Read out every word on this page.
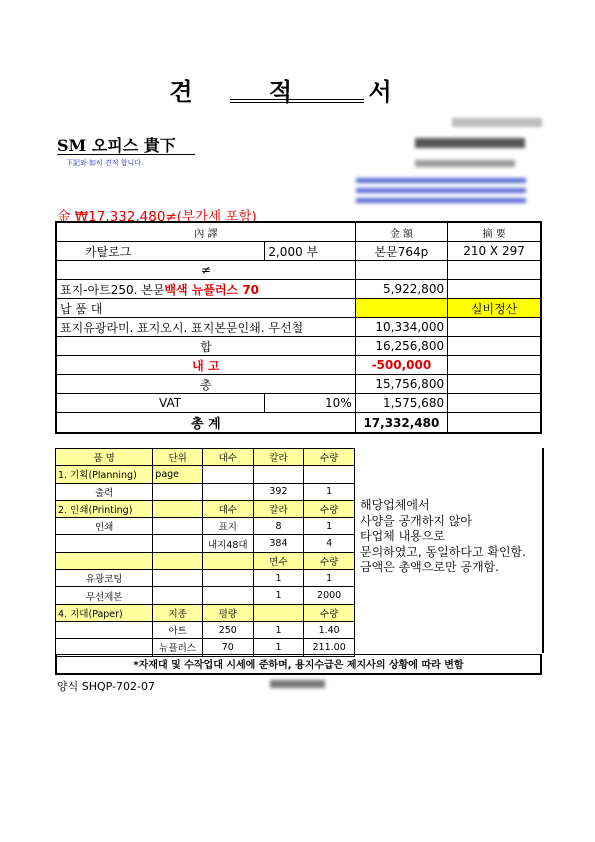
견 적 서
SM 오피스 貴下
下記와 如히 견적 합니다.
金 ₩17,332,480≠(부가세 포함)
內 譯		金 額	摘 要
카탈로그	2,000 부	본문764p	210 X 297
≠			
표지-아트250. 본문백색 뉴플러스 70		5,922,800	
납 품 대			실비정산
표지유광라미. 표지오시. 표지본문인쇄. 무선철		10,334,000	
합		16,256,800	
내 고		-500,000	
총		15,756,800	
VAT	10%	1,575,680	
총 계		17,332,480	
품 명	단위	대수	칼라	수량
1. 기획(Planning)	page			
출력			392	1
2. 인쇄(Printing)		대수	칼라	수량
인쇄		표지	8	1
		내지48대	384	4
			면수	수량
유광코팅			1	1
무선제본			1	2000
4. 지대(Paper)	지종	평량		수량
	아트	250	1	1.40
	뉴플러스	70	1	211.00
해당업체에서
사양을 공개하지 않아
타업체 내용으로
문의하였고, 동일하다고 확인함.
금액은 총액으로만 공개함.
*자재대 및 수작업대 시세에 준하며, 용지수급은 제지사의 상황에 따라 변함
양식 SHQP-702-07
